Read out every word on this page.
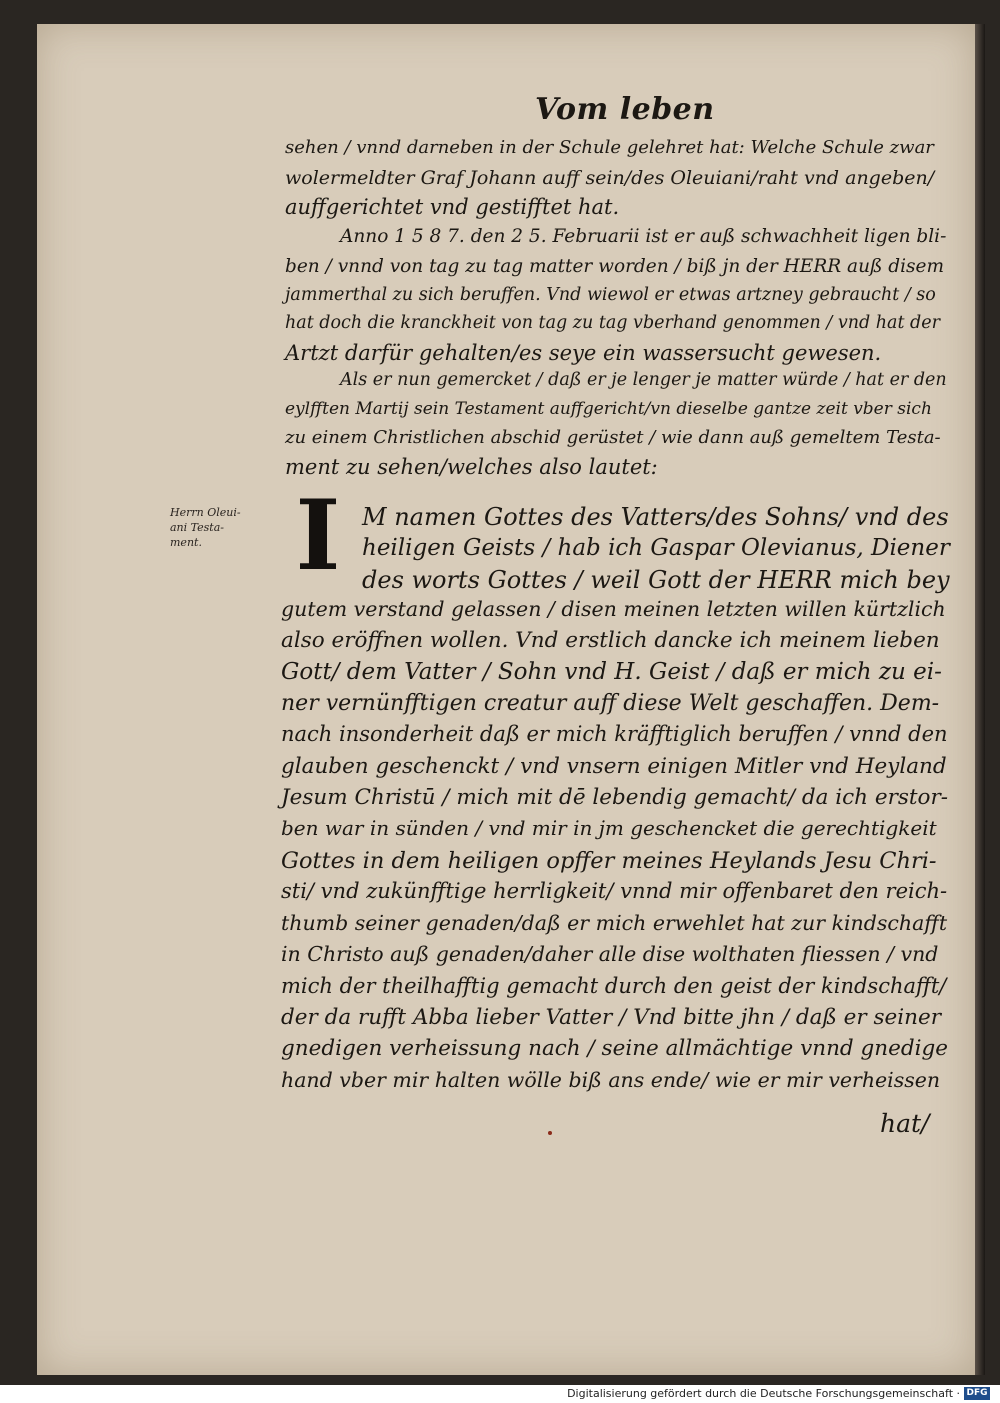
Vom leben
sehen / vnnd darneben in der Schule gelehret hat: Welche Schule zwar
wolermeldter Graf Johann auff sein/des Oleuiani/raht vnd angeben/
auffgerichtet vnd gestifftet hat.
Anno 1 5 8 7. den 2 5. Februarii ist er auß schwachheit ligen bli-
ben / vnnd von tag zu tag matter worden / biß jn der HERR auß disem
jammerthal zu sich beruffen. Vnd wiewol er etwas artzney gebraucht / so
hat doch die kranckheit von tag zu tag vberhand genommen / vnd hat der
Artzt darfür gehalten/es seye ein wassersucht gewesen.
Als er nun gemercket / daß er je lenger je matter würde / hat er den
eylfften Martij sein Testament auffgericht/vn dieselbe gantze zeit vber sich
zu einem Christlichen abschid gerüstet / wie dann auß gemeltem Testa-
ment zu sehen/welches also lautet:
Herrn Oleui-
ani Testa-
ment. I M namen Gottes des Vatters/des Sohns/ vnd des
heiligen Geists / hab ich Gaspar Olevianus, Diener
des worts Gottes / weil Gott der HERR mich bey
gutem verstand gelassen / disen meinen letzten willen kürtzlich
also eröffnen wollen. Vnd erstlich dancke ich meinem lieben
Gott/ dem Vatter / Sohn vnd H. Geist / daß er mich zu ei-
ner vernünfftigen creatur auff diese Welt geschaffen. Dem-
nach insonderheit daß er mich kräfftiglich beruffen / vnnd den
glauben geschenckt / vnd vnsern einigen Mitler vnd Heyland
Jesum Christū / mich mit dē lebendig gemacht/ da ich erstor-
ben war in sünden / vnd mir in jm geschencket die gerechtigkeit
Gottes in dem heiligen opffer meines Heylands Jesu Chri-
sti/ vnd zukünfftige herrligkeit/ vnnd mir offenbaret den reich-
thumb seiner genaden/daß er mich erwehlet hat zur kindschafft
in Christo auß genaden/daher alle dise wolthaten fliessen / vnd
mich der theilhafftig gemacht durch den geist der kindschafft/
der da rufft Abba lieber Vatter / Vnd bitte jhn / daß er seiner
gnedigen verheissung nach / seine allmächtige vnnd gnedige
hand vber mir halten wölle biß ans ende/ wie er mir verheissen
hat/
Digitalisierung gefördert durch die Deutsche Forschungsgemeinschaft · DFG
